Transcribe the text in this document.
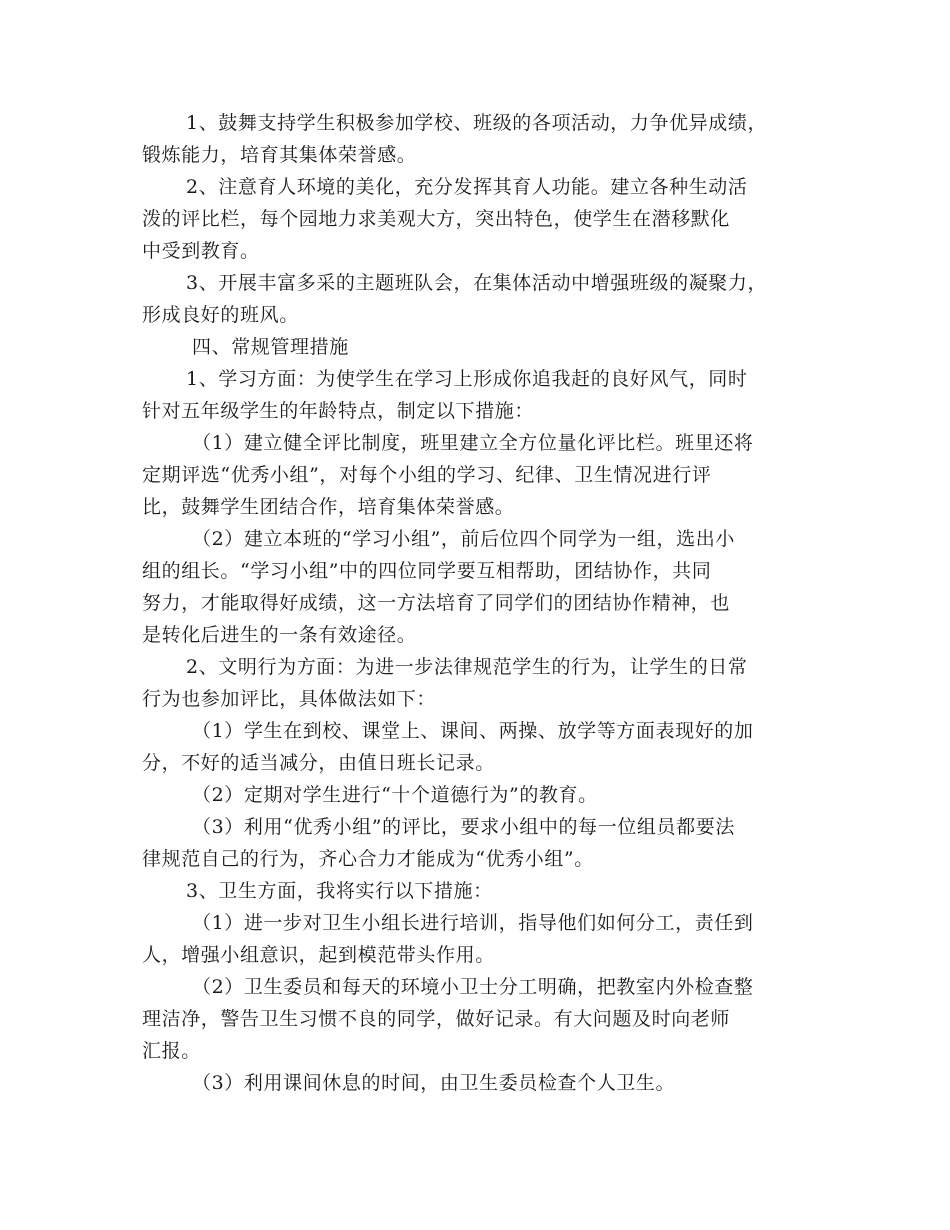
1、鼓舞支持学生积极参加学校、班级的各项活动，力争优异成绩，
锻炼能力，培育其集体荣誉感。
2、注意育人环境的美化，充分发挥其育人功能。建立各种生动活
泼的评比栏，每个园地力求美观大方，突出特色，使学生在潜移默化
中受到教育。
3、开展丰富多采的主题班队会，在集体活动中增强班级的凝聚力，
形成良好的班风。
四、常规管理措施
1、学习方面：为使学生在学习上形成你追我赶的良好风气，同时
针对五年级学生的年龄特点，制定以下措施：
（1）建立健全评比制度，班里建立全方位量化评比栏。班里还将
定期评选“优秀小组”，对每个小组的学习、纪律、卫生情况进行评
比，鼓舞学生团结合作，培育集体荣誉感。
（2）建立本班的“学习小组”，前后位四个同学为一组，选出小
组的组长。“学习小组”中的四位同学要互相帮助，团结协作，共同
努力，才能取得好成绩，这一方法培育了同学们的团结协作精神，也
是转化后进生的一条有效途径。
2、文明行为方面：为进一步法律规范学生的行为，让学生的日常
行为也参加评比，具体做法如下：
（1）学生在到校、课堂上、课间、两操、放学等方面表现好的加
分，不好的适当减分，由值日班长记录。
（2）定期对学生进行“十个道德行为”的教育。
（3）利用“优秀小组”的评比，要求小组中的每一位组员都要法
律规范自己的行为，齐心合力才能成为“优秀小组”。
3、卫生方面，我将实行以下措施：
（1）进一步对卫生小组长进行培训，指导他们如何分工，责任到
人，增强小组意识，起到模范带头作用。
（2）卫生委员和每天的环境小卫士分工明确，把教室内外检查整
理洁净，警告卫生习惯不良的同学，做好记录。有大问题及时向老师
汇报。
（3）利用课间休息的时间，由卫生委员检查个人卫生。
